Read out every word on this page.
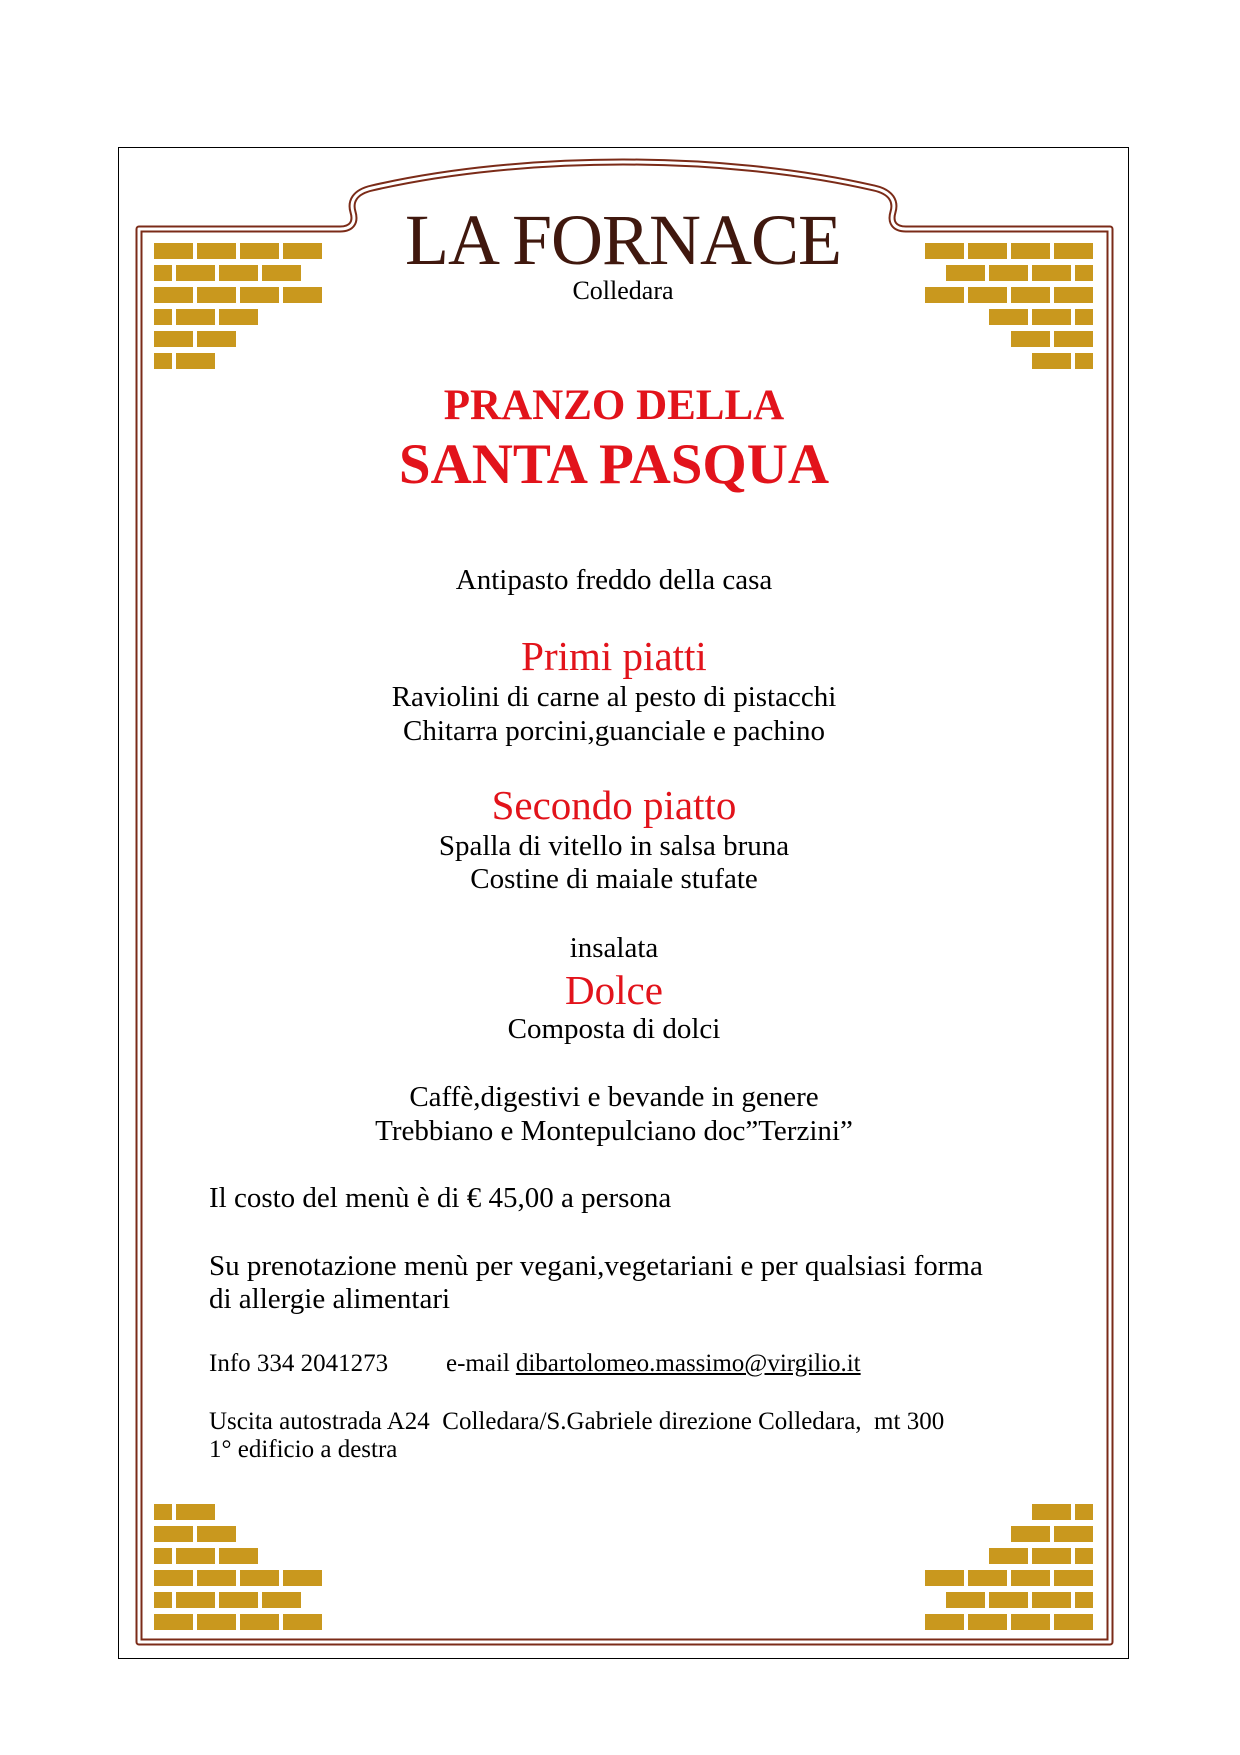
LA FORNACE
Colledara
PRANZO DELLA
SANTA PASQUA
Antipasto freddo della casa
Primi piatti
Raviolini di carne al pesto di pistacchi
Chitarra porcini,guanciale e pachino
Secondo piatto
Spalla di vitello in salsa bruna
Costine di maiale stufate
insalata
Dolce
Composta di dolci
Caffè,digestivi e bevande in genere
Trebbiano e Montepulciano doc”Terzini”
Il costo del menù è di € 45,00 a persona
Su prenotazione menù per vegani,vegetariani e per qualsiasi forma
di allergie alimentari
Info 334 2041273 e-mail dibartolomeo.massimo@virgilio.it
Uscita autostrada A24  Colledara/S.Gabriele direzione Colledara,  mt 300
1° edificio a destra
